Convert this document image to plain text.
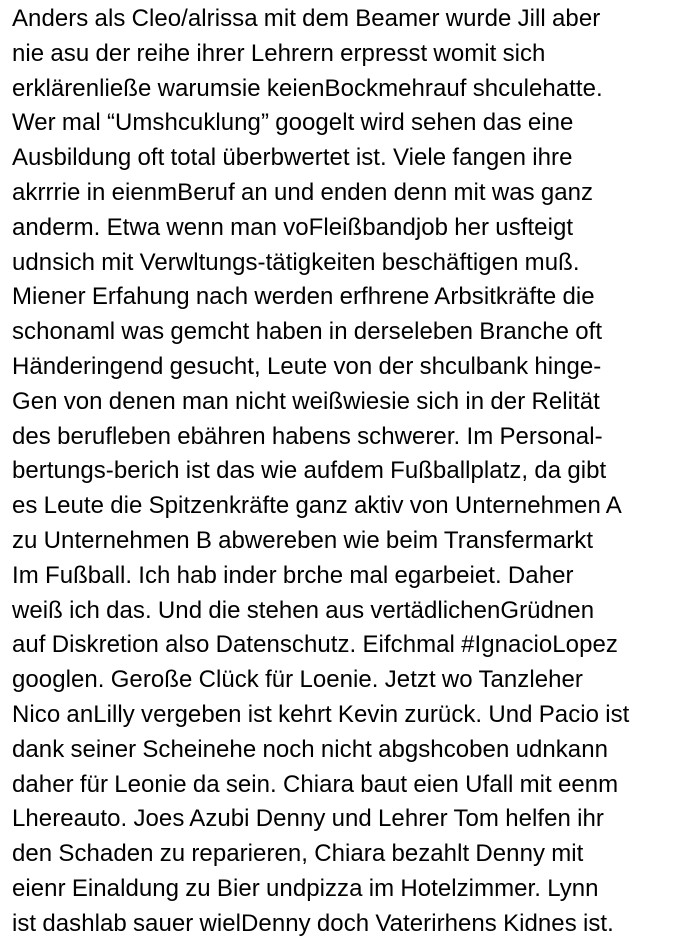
Anders als Cleo/alrissa mit dem Beamer wurde Jill aber
nie asu der reihe ihrer Lehrern erpresst womit sich
erklärenließe warumsie keienBockmehrauf shculehatte.
Wer mal “Umshcuklung” googelt wird sehen das eine
Ausbildung oft total überbwertet ist. Viele fangen ihre
akrrrie in eienmBeruf an und enden denn mit was ganz
anderm. Etwa wenn man voFleißbandjob her usfteigt
udnsich mit Verwltungs-tätigkeiten beschäftigen muß.
Miener Erfahung nach werden erfhrene Arbsitkräfte die
schonaml was gemcht haben in derseleben Branche oft
Händeringend gesucht, Leute von der shculbank hinge-
Gen von denen man nicht weißwiesie sich in der Relität
des berufleben ebähren habens schwerer. Im Personal-
bertungs-berich ist das wie aufdem Fußballplatz, da gibt
es Leute die Spitzenkräfte ganz aktiv von Unternehmen A
zu Unternehmen B abwereben wie beim Transfermarkt
Im Fußball. Ich hab inder brche mal egarbeiet. Daher
weiß ich das. Und die stehen aus vertädlichenGrüdnen
auf Diskretion also Datenschutz. Eifchmal #IgnacioLopez
googlen. Geroße Clück für Loenie. Jetzt wo Tanzleher
Nico anLilly vergeben ist kehrt Kevin zurück. Und Pacio ist
dank seiner Scheinehe noch nicht abgshcoben udnkann
daher für Leonie da sein. Chiara baut eien Ufall mit eenm
Lhereauto. Joes Azubi Denny und Lehrer Tom helfen ihr
den Schaden zu reparieren, Chiara bezahlt Denny mit
eienr Einaldung zu Bier undpizza im Hotelzimmer. Lynn
ist dashlab sauer wielDenny doch Vaterirhens Kidnes ist.
